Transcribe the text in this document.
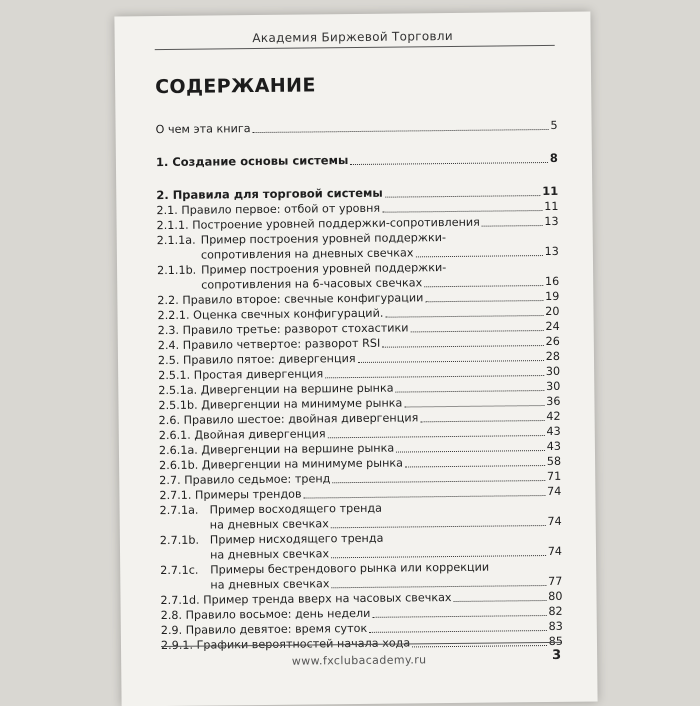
Академия Биржевой Торговли
СОДЕРЖАНИЕ
О чем эта книга	5
1. Создание основы системы	8
2. Правила для торговой системы	11
2.1. Правило первое: отбой от уровня	11
2.1.1. Построение уровней поддержки-сопротивления	13
2.1.1a. Пример построения уровней поддержки-
сопротивления на дневных свечках	13
2.1.1b. Пример построения уровней поддержки-
сопротивления на 6-часовых свечках	16
2.2. Правило второе: свечные конфигурации	19
2.2.1. Оценка свечных конфигураций.	20
2.3. Правило третье: разворот стохастики	24
2.4. Правило четвертое: разворот RSI	26
2.5. Правило пятое: дивергенция	28
2.5.1. Простая дивергенция	30
2.5.1a. Дивергенции на вершине рынка	30
2.5.1b. Дивергенции на минимуме рынка	36
2.6. Правило шестое: двойная дивергенция	42
2.6.1. Двойная дивергенция	43
2.6.1a. Дивергенции на вершине рынка	43
2.6.1b. Дивергенции на минимуме рынка	58
2.7. Правило седьмое: тренд	71
2.7.1. Примеры трендов	74
2.7.1a. Пример восходящего тренда
на дневных свечках	74
2.7.1b. Пример нисходящего тренда
на дневных свечках	74
2.7.1c.	Примеры бестрендового рынка или коррекции
на дневных свечках	77
2.7.1d. Пример тренда вверх на часовых свечках	80
2.8. Правило восьмое: день недели	82
2.9. Правило девятое: время суток	83
2.9.1. Графики вероятностей начала хода	85
www.fxclubacademy.ru	3
